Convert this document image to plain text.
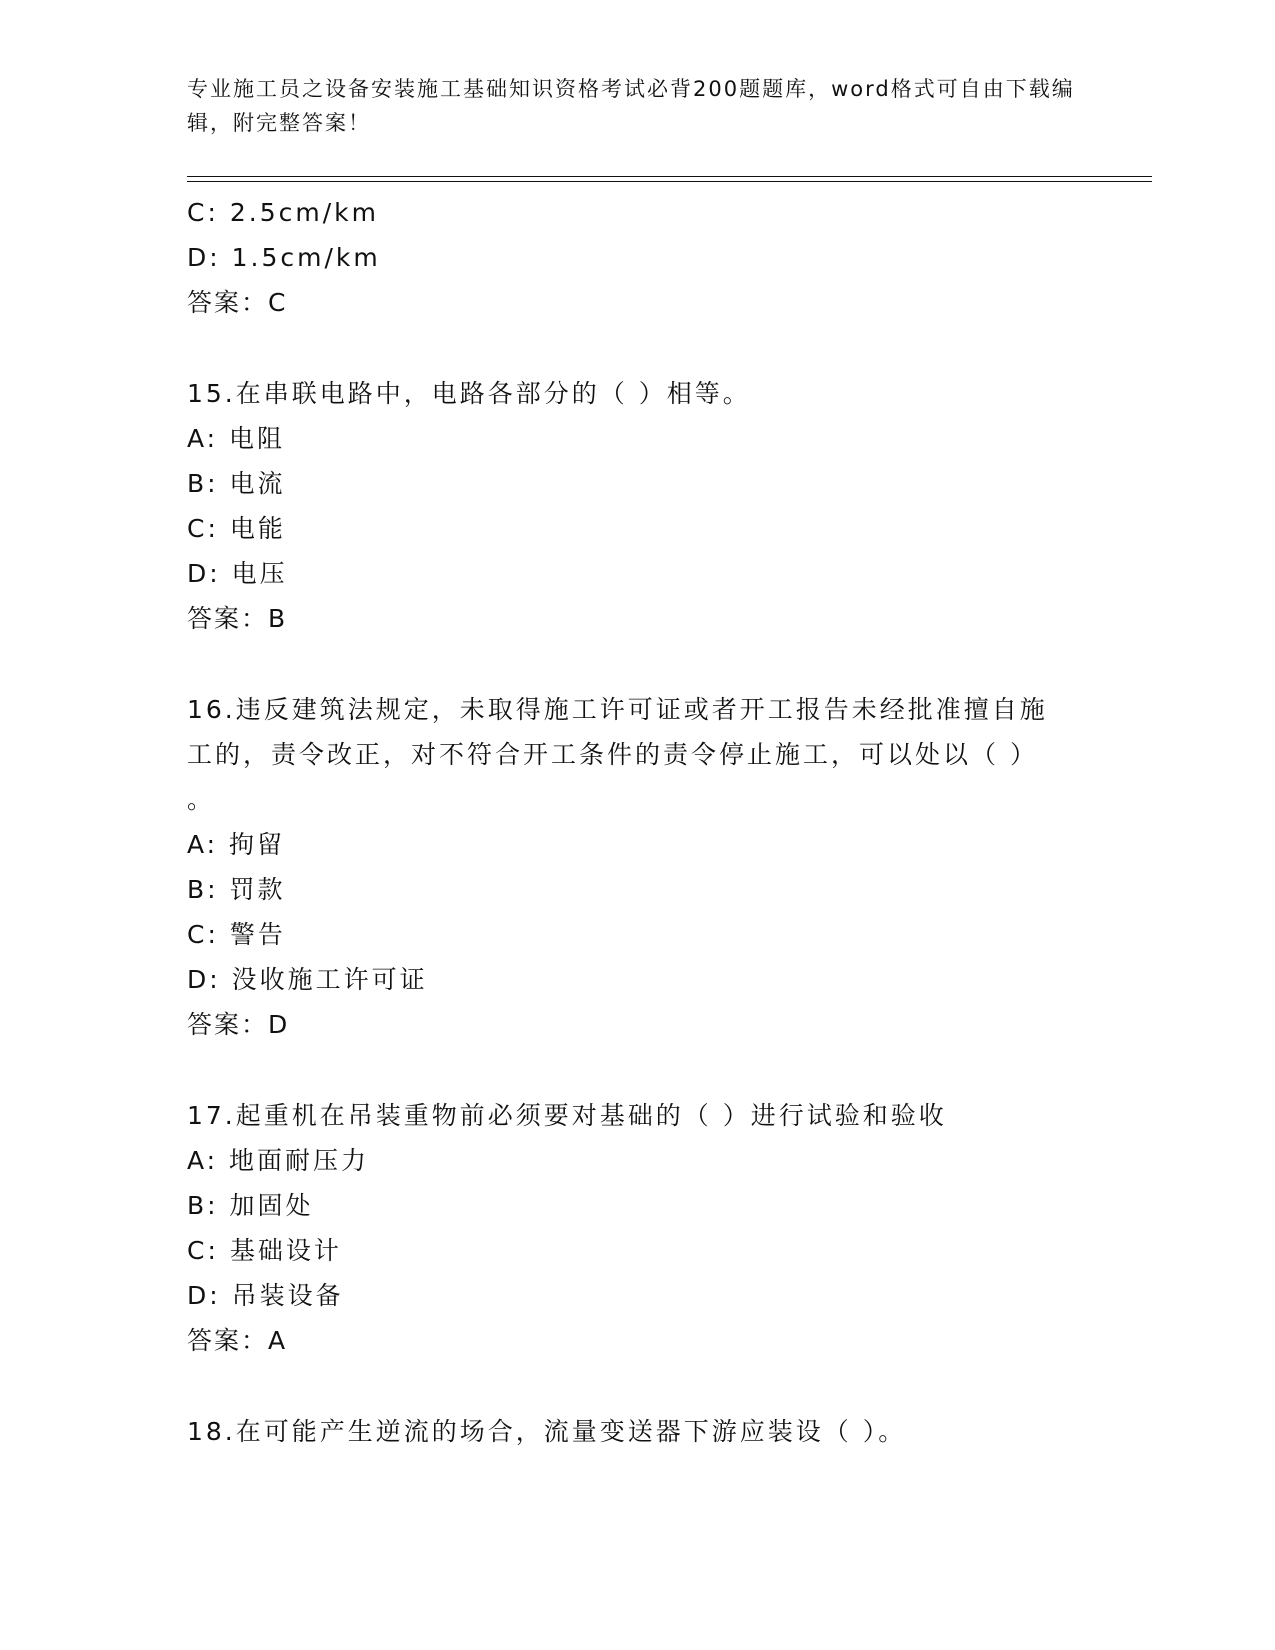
专业施工员之设备安装施工基础知识资格考试必背200题题库，word格式可自由下载编辑，附完整答案！
C: 2.5cm/km
D: 1.5cm/km
答案：C
15.在串联电路中，电路各部分的（ ）相等。
A: 电阻
B: 电流
C: 电能
D: 电压
答案：B
16.违反建筑法规定，未取得施工许可证或者开工报告未经批准擅自施
工的，责令改正，对不符合开工条件的责令停止施工，可以处以（ ）
。
A: 拘留
B: 罚款
C: 警告
D: 没收施工许可证
答案：D
17.起重机在吊装重物前必须要对基础的（ ）进行试验和验收
A: 地面耐压力
B: 加固处
C: 基础设计
D: 吊装设备
答案：A
18.在可能产生逆流的场合，流量变送器下游应装设（ ）。
